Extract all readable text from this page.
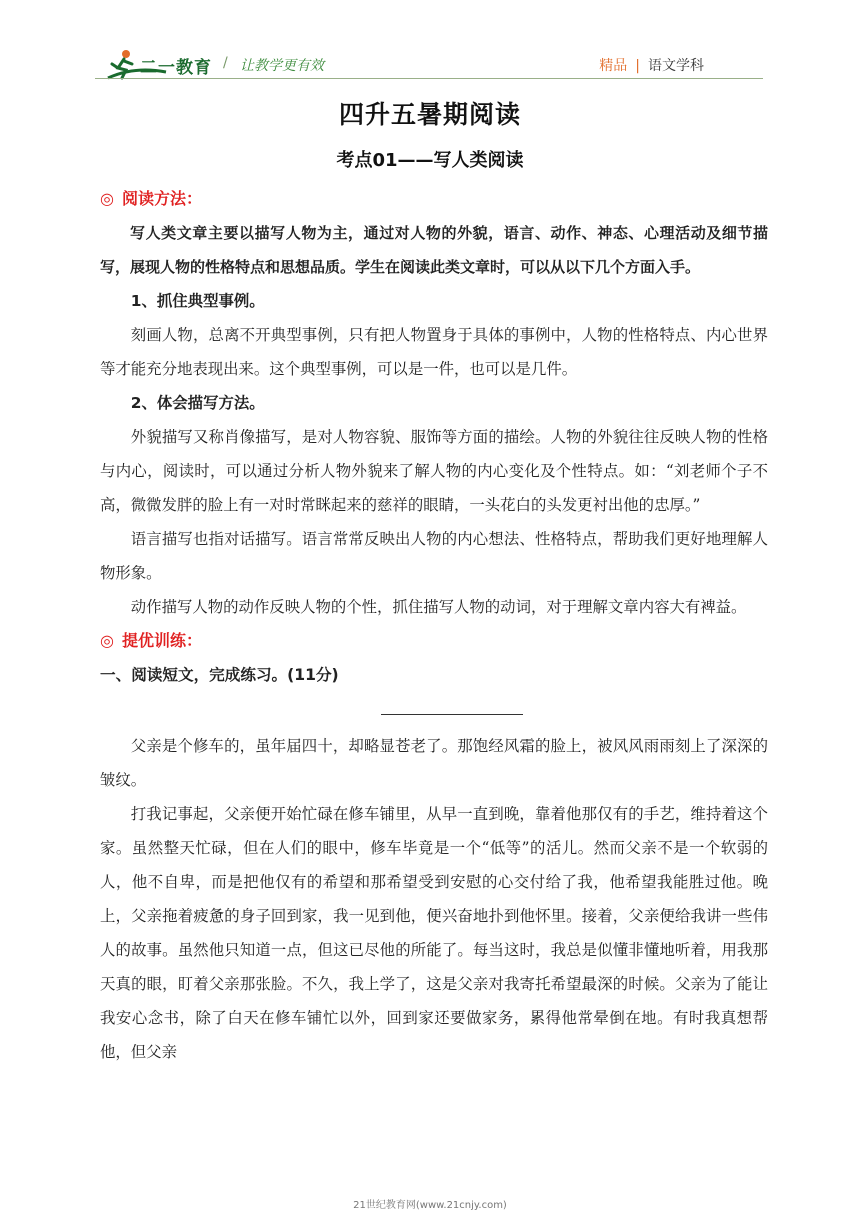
二一教育 / 让教学更有效	精品 | 语文学科
四升五暑期阅读
考点01——写人类阅读
◎ 阅读方法：

写人类文章主要以描写人物为主，通过对人物的外貌，语言、动作、神态、心理活动及细节描写，展现人物的性格特点和思想品质。学生在阅读此类文章时，可以从以下几个方面入手。

1、抓住典型事例。

刻画人物，总离不开典型事例，只有把人物置身于具体的事例中，人物的性格特点、内心世界等才能充分地表现出来。这个典型事例，可以是一件，也可以是几件。

2、体会描写方法。

外貌描写又称肖像描写，是对人物容貌、服饰等方面的描绘。人物的外貌往往反映人物的性格与内心，阅读时，可以通过分析人物外貌来了解人物的内心变化及个性特点。如：“刘老师个子不高，微微发胖的脸上有一对时常眯起来的慈祥的眼睛，一头花白的头发更衬出他的忠厚。”

语言描写也指对话描写。语言常常反映出人物的内心想法、性格特点，帮助我们更好地理解人物形象。

动作描写人物的动作反映人物的个性，抓住描写人物的动词，对于理解文章内容大有裨益。

◎ 提优训练：

一、阅读短文，完成练习。(11分)

父亲是个修车的，虽年届四十，却略显苍老了。那饱经风霜的脸上，被风风雨雨刻上了深深的皱纹。

打我记事起，父亲便开始忙碌在修车铺里，从早一直到晚，靠着他那仅有的手艺，维持着这个家。虽然整天忙碌，但在人们的眼中，修车毕竟是一个“低等”的活儿。然而父亲不是一个软弱的人，他不自卑，而是把他仅有的希望和那希望受到安慰的心交付给了我，他希望我能胜过他。晚上，父亲拖着疲惫的身子回到家，我一见到他，便兴奋地扑到他怀里。接着，父亲便给我讲一些伟人的故事。虽然他只知道一点，但这已尽他的所能了。每当这时，我总是似懂非懂地听着，用我那天真的眼，盯着父亲那张脸。不久，我上学了，这是父亲对我寄托希望最深的时候。父亲为了能让我安心念书，除了白天在修车铺忙以外，回到家还要做家务，累得他常晕倒在地。有时我真想帮他，但父亲

21世纪教育网(www.21cnjy.com)
